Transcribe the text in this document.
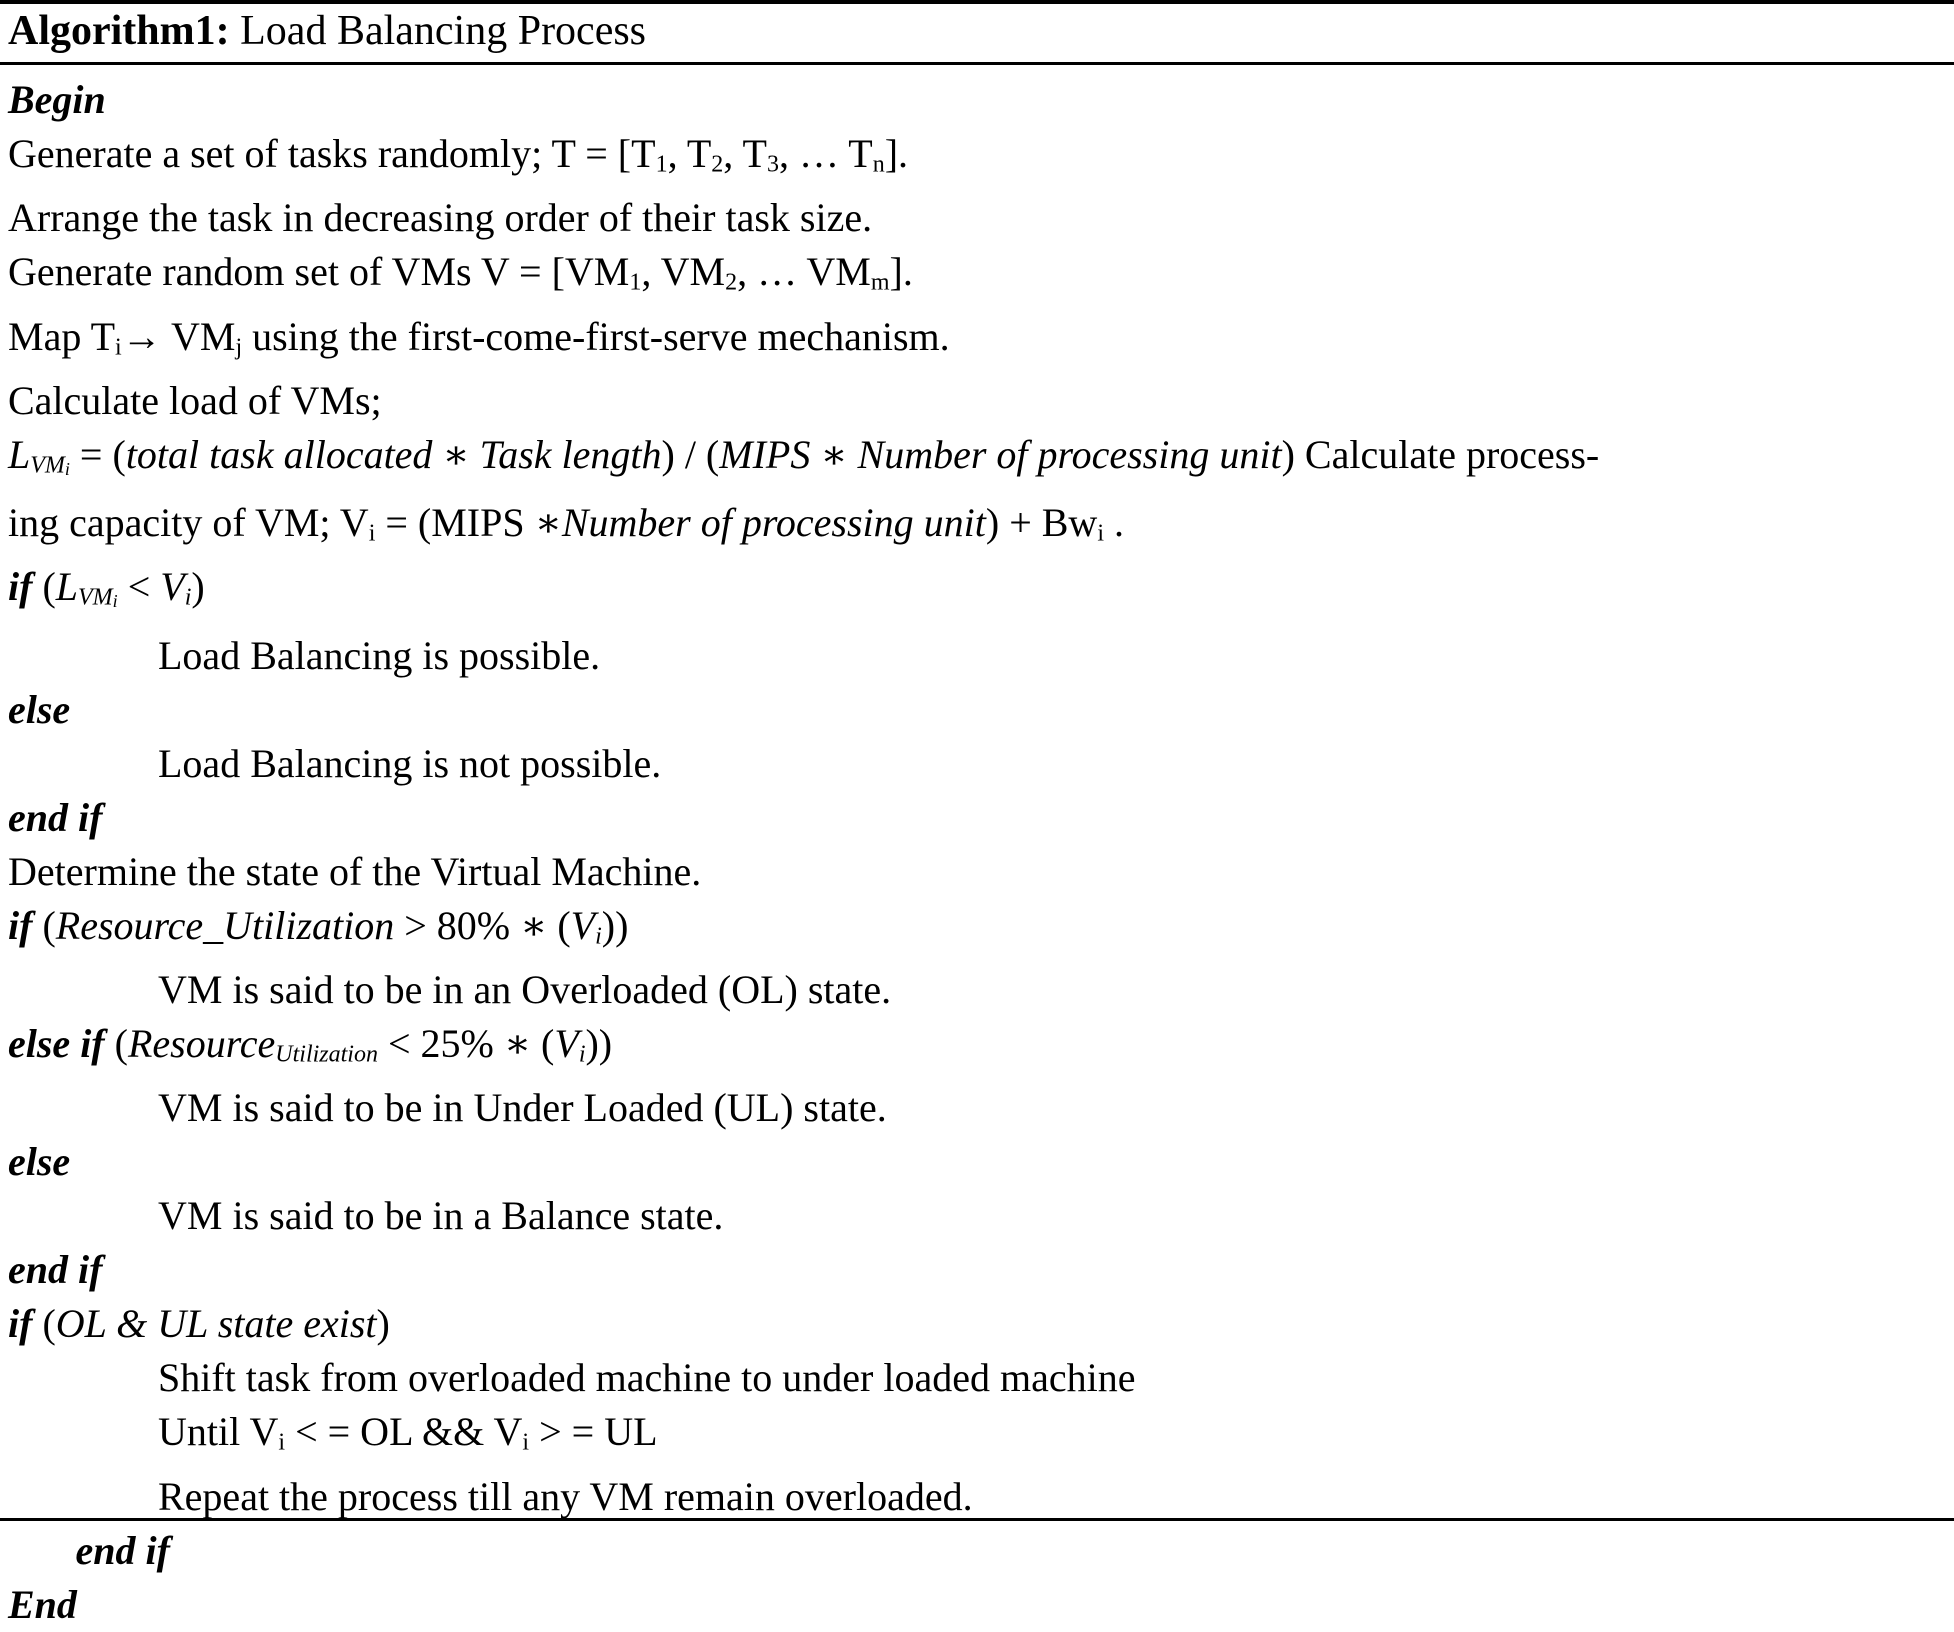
Algorithm1: Load Balancing Process
Begin
Generate a set of tasks randomly; T = [T1, T2, T3, … Tn].
Arrange the task in decreasing order of their task size.
Generate random set of VMs V = [VM1, VM2, … VMm].
Map Ti→ VMj using the first-come-first-serve mechanism.
Calculate load of VMs;
LVMi = (total task allocated ∗ Task length) / (MIPS ∗ Number of processing unit) Calculate process-
ing capacity of VM; Vi = (MIPS ∗Number of processing unit) + Bwi .
if (LVMi < Vi)
Load Balancing is possible.
else
Load Balancing is not possible.
end if
Determine the state of the Virtual Machine.
if (Resource_Utilization > 80% ∗ (Vi))
VM is said to be in an Overloaded (OL) state.
else if (ResourceUtilization < 25% ∗ (Vi))
VM is said to be in Under Loaded (UL) state.
else
VM is said to be in a Balance state.
end if
if (OL & UL state exist)
Shift task from overloaded machine to under loaded machine
Until Vi < = OL && Vi > = UL
Repeat the process till any VM remain overloaded.
end if
End
